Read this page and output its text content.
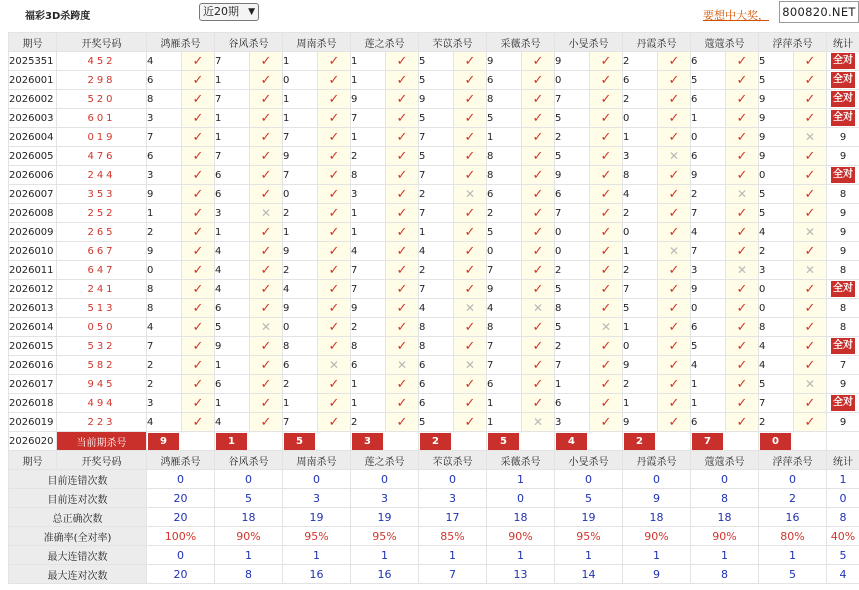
福彩3D杀跨度	近20期 ▼	要想中大奖， 800820.NET
期号	开奖号码	鸿雁杀号		谷风杀号		周南杀号		莲之杀号		芣苡杀号		采薇杀号		小旻杀号		丹霞杀号		蔻蔻杀号		浮萍杀号		统计
2025351	452	4	✓	7	✓	1	✓	1	✓	5	✓	9	✓	9	✓	2	✓	6	✓	5	✓	全对
2026001	298	6	✓	1	✓	0	✓	1	✓	5	✓	6	✓	0	✓	6	✓	5	✓	5	✓	全对
2026002	520	8	✓	7	✓	1	✓	9	✓	9	✓	8	✓	7	✓	2	✓	6	✓	9	✓	全对
2026003	601	3	✓	1	✓	1	✓	7	✓	5	✓	5	✓	5	✓	0	✓	1	✓	9	✓	全对
2026004	019	7	✓	1	✓	7	✓	1	✓	7	✓	1	✓	2	✓	1	✓	0	✓	9	✕	9
2026005	476	6	✓	7	✓	9	✓	2	✓	5	✓	8	✓	5	✓	3	✕	6	✓	9	✓	9
2026006	244	3	✓	6	✓	7	✓	8	✓	7	✓	8	✓	9	✓	8	✓	9	✓	0	✓	全对
2026007	353	9	✓	6	✓	0	✓	3	✓	2	✕	6	✓	6	✓	4	✓	2	✕	5	✓	8
2026008	252	1	✓	3	✕	2	✓	1	✓	7	✓	2	✓	7	✓	2	✓	7	✓	5	✓	9
2026009	265	2	✓	1	✓	1	✓	1	✓	1	✓	5	✓	0	✓	0	✓	4	✓	4	✕	9
2026010	667	9	✓	4	✓	9	✓	4	✓	4	✓	0	✓	0	✓	1	✕	7	✓	2	✓	9
2026011	647	0	✓	4	✓	2	✓	7	✓	2	✓	7	✓	2	✓	2	✓	3	✕	3	✕	8
2026012	241	8	✓	4	✓	4	✓	7	✓	7	✓	9	✓	5	✓	7	✓	9	✓	0	✓	全对
2026013	513	8	✓	6	✓	9	✓	9	✓	4	✕	4	✕	8	✓	5	✓	0	✓	0	✓	8
2026014	050	4	✓	5	✕	0	✓	2	✓	8	✓	8	✓	5	✕	1	✓	6	✓	8	✓	8
2026015	532	7	✓	9	✓	8	✓	8	✓	8	✓	7	✓	2	✓	0	✓	5	✓	4	✓	全对
2026016	582	2	✓	1	✓	6	✕	6	✕	6	✕	7	✓	7	✓	9	✓	4	✓	4	✓	7
2026017	945	2	✓	6	✓	2	✓	1	✓	6	✓	6	✓	1	✓	2	✓	1	✓	5	✕	9
2026018	494	3	✓	1	✓	1	✓	1	✓	6	✓	1	✓	6	✓	1	✓	1	✓	7	✓	全对
2026019	223	4	✓	4	✓	7	✓	2	✓	5	✓	1	✕	3	✓	9	✓	6	✓	2	✓	9
2026020	当前期杀号	9		1		5		3		2		5		4		2		7		0		
期号	开奖号码	鸿雁杀号		谷风杀号		周南杀号		莲之杀号		芣苡杀号		采薇杀号		小旻杀号		丹霞杀号		蔻蔻杀号		浮萍杀号		统计
目前连错次数		0		0		0		0		0		1		0		0		0		0		1
目前连对次数		20		5		3		3		3		0		5		9		8		2		0
总正确次数		20		18		19		19		17		18		19		18		18		16		8
准确率(全对率)		100%		90%		95%		95%		85%		90%		95%		90%		90%		80%		40%
最大连错次数		0		1		1		1		1		1		1		1		1		1		5
最大连对次数		20		8		16		16		7		13		14		9		8		5		4
